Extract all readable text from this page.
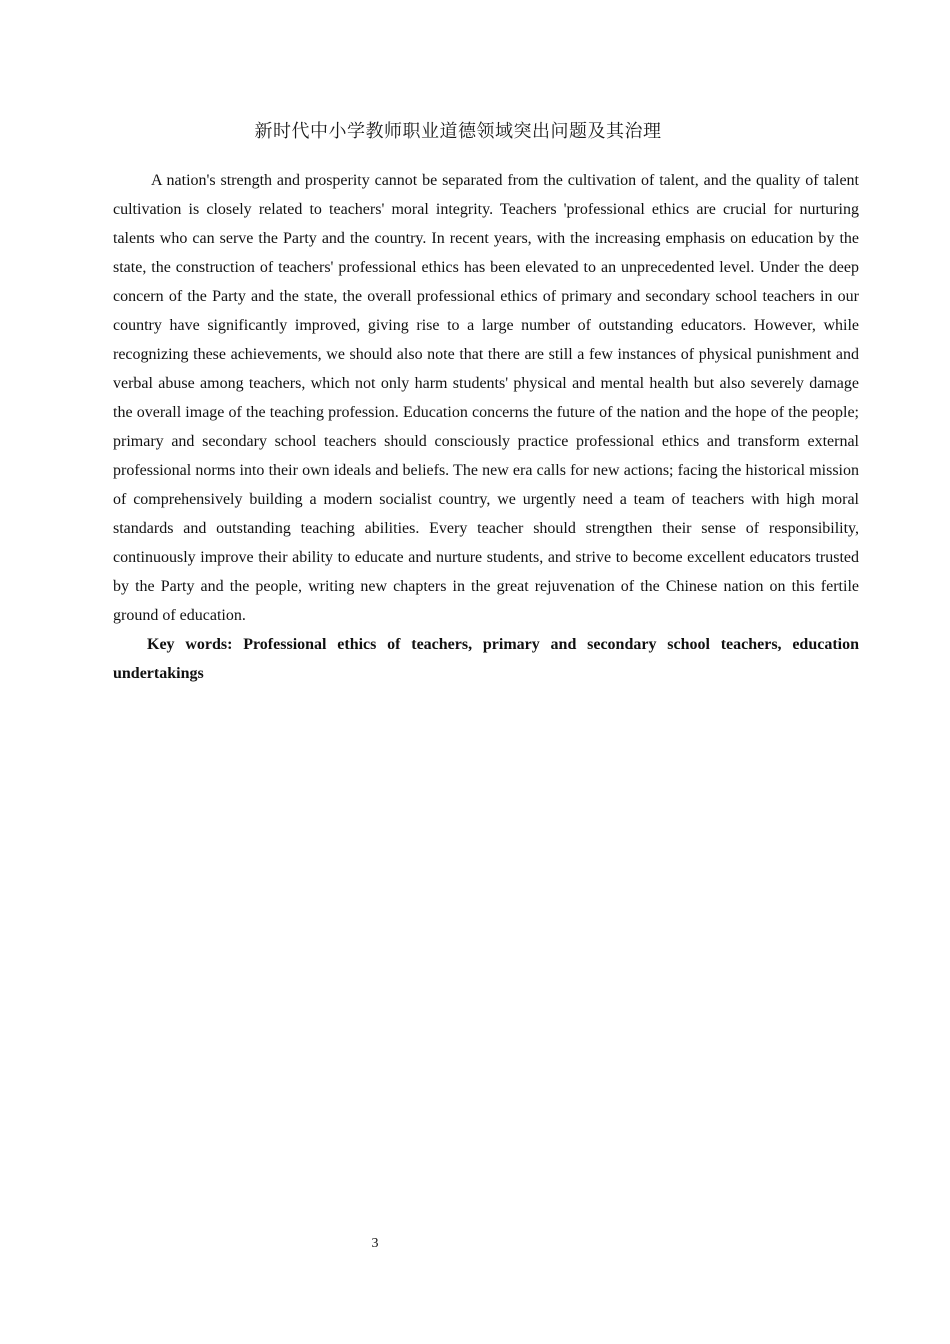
新时代中小学教师职业道德领域突出问题及其治理

A nation's strength and prosperity cannot be separated from the cultivation of talent, and the quality of talent cultivation is closely related to teachers' moral integrity. Teachers 'professional ethics are crucial for nurturing talents who can serve the Party and the country. In recent years, with the increasing emphasis on education by the state, the construction of teachers' professional ethics has been elevated to an unprecedented level. Under the deep concern of the Party and the state, the overall professional ethics of primary and secondary school teachers in our country have significantly improved, giving rise to a large number of outstanding educators. However, while recognizing these achievements, we should also note that there are still a few instances of physical punishment and verbal abuse among teachers, which not only harm students' physical and mental health but also severely damage the overall image of the teaching profession. Education concerns the future of the nation and the hope of the people; primary and secondary school teachers should consciously practice professional ethics and transform external professional norms into their own ideals and beliefs. The new era calls for new actions; facing the historical mission of comprehensively building a modern socialist country, we urgently need a team of teachers with high moral standards and outstanding teaching abilities. Every teacher should strengthen their sense of responsibility, continuously improve their ability to educate and nurture students, and strive to become excellent educators trusted by the Party and the people, writing new chapters in the great rejuvenation of the Chinese nation on this fertile ground of education.

Key words: Professional ethics of teachers, primary and secondary school teachers, education undertakings

3
